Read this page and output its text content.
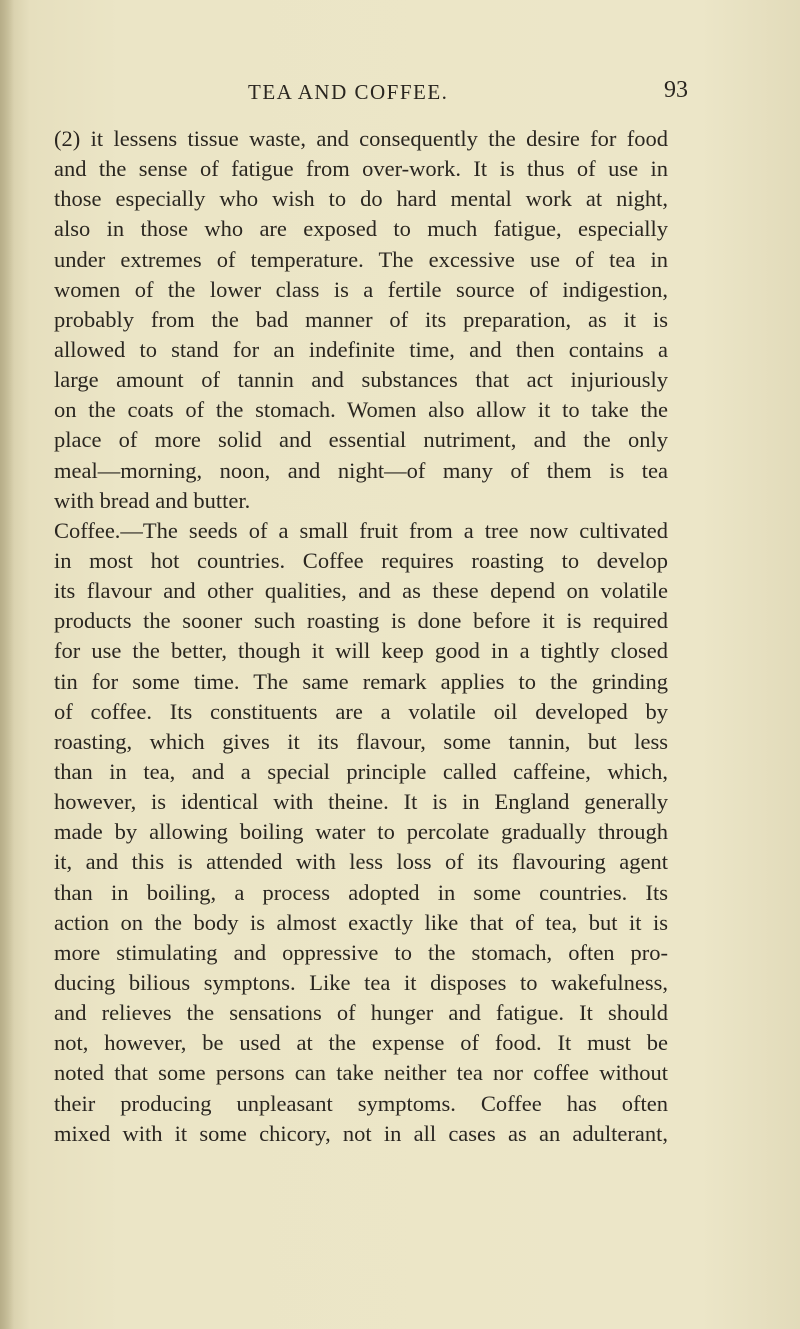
TEA AND COFFEE.	93
(2) it lessens tissue waste, and consequently the desire for food
and the sense of fatigue from over-work. It is thus of use in
those especially who wish to do hard mental work at night,
also in those who are exposed to much fatigue, especially
under extremes of temperature. The excessive use of tea in
women of the lower class is a fertile source of indigestion,
probably from the bad manner of its preparation, as it is
allowed to stand for an indefinite time, and then contains a
large amount of tannin and substances that act injuriously
on the coats of the stomach. Women also allow it to take the
place of more solid and essential nutriment, and the only
meal—morning, noon, and night—of many of them is tea
with bread and butter.
Coffee.—The seeds of a small fruit from a tree now cultivated
in most hot countries. Coffee requires roasting to develop
its flavour and other qualities, and as these depend on volatile
products the sooner such roasting is done before it is required
for use the better, though it will keep good in a tightly closed
tin for some time. The same remark applies to the grinding
of coffee. Its constituents are a volatile oil developed by
roasting, which gives it its flavour, some tannin, but less
than in tea, and a special principle called caffeine, which,
however, is identical with theine. It is in England generally
made by allowing boiling water to percolate gradually through
it, and this is attended with less loss of its flavouring agent
than in boiling, a process adopted in some countries. Its
action on the body is almost exactly like that of tea, but it is
more stimulating and oppressive to the stomach, often pro-
ducing bilious symptons. Like tea it disposes to wakefulness,
and relieves the sensations of hunger and fatigue. It should
not, however, be used at the expense of food. It must be
noted that some persons can take neither tea nor coffee without
their producing unpleasant symptoms. Coffee has often
mixed with it some chicory, not in all cases as an adulterant,
